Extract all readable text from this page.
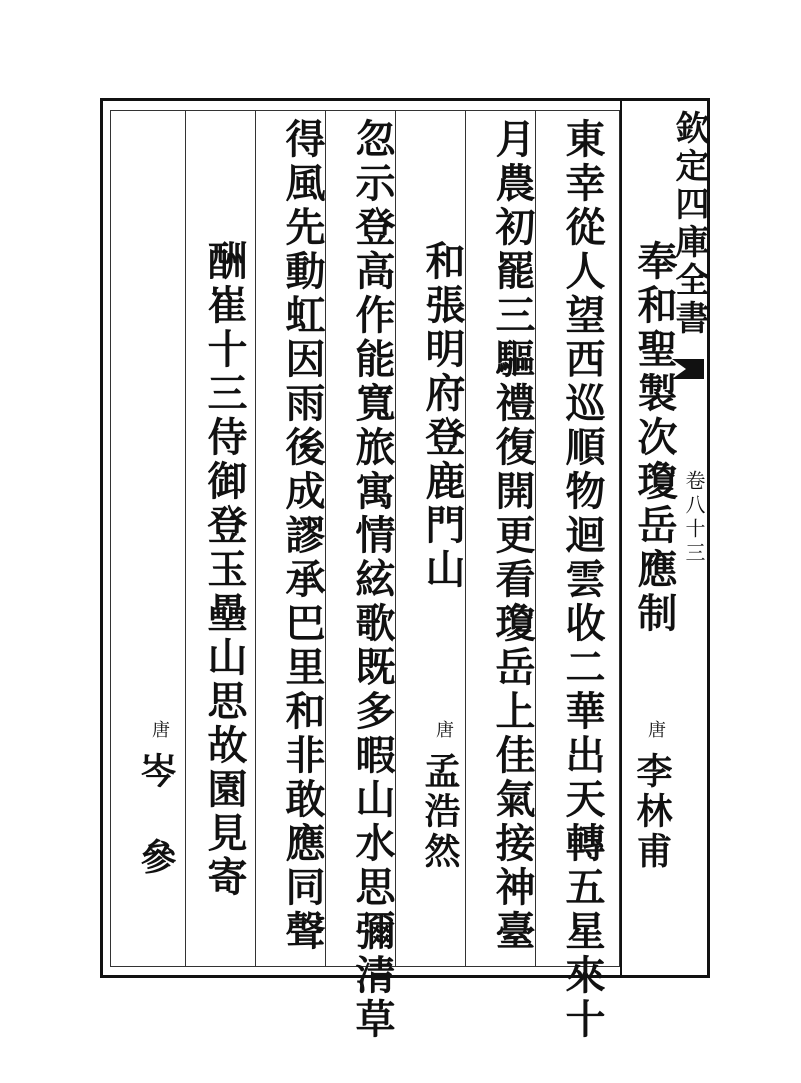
欽定四庫全書
卷八十三
奉和聖製次瓊岳應制
唐
李林甫
東幸從人望西巡順物迴雲收二華出天轉五星來十
月農初罷三驅禮復開更看瓊岳上佳氣接神臺
和張明府登鹿門山
唐
孟浩然
忽示登高作能寬旅寓情絃歌既多暇山水思彌清草
得風先動虹因雨後成謬承巴里和非敢應同聲
酬崔十三侍御登玉壘山思故園見寄
唐
岑 參
